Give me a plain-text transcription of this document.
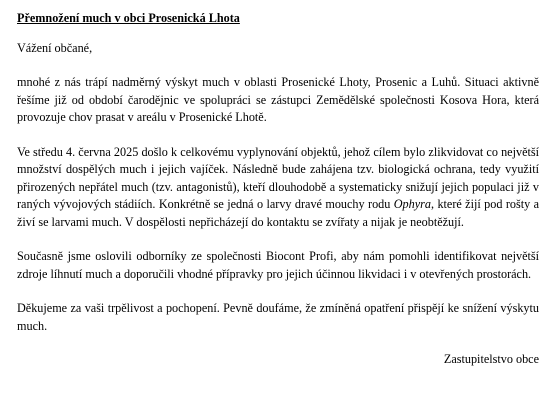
Přemnožení much v obci Prosenická Lhota

Vážení občané,

mnohé z nás trápí nadměrný výskyt much v oblasti Prosenické Lhoty, Prosenic a Luhů. Situaci aktivně řešíme již od období čarodějnic ve spolupráci se zástupci Zemědělské společnosti Kosova Hora, která provozuje chov prasat v areálu v Prosenické Lhotě.

Ve středu 4. června 2025 došlo k celkovému vyplynování objektů, jehož cílem bylo zlikvidovat co největší množství dospělých much i jejich vajíček. Následně bude zahájena tzv. biologická ochrana, tedy využití přirozených nepřátel much (tzv. antagonistů), kteří dlouhodobě a systematicky snižují jejich populaci již v raných vývojových stádiích. Konkrétně se jedná o larvy dravé mouchy rodu Ophyra, které žijí pod rošty a živí se larvami much. V dospělosti nepřicházejí do kontaktu se zvířaty a nijak je neobtěžují.

Současně jsme oslovili odborníky ze společnosti Biocont Profi, aby nám pomohli identifikovat největší zdroje líhnutí much a doporučili vhodné přípravky pro jejich účinnou likvidaci i v otevřených prostorách.

Děkujeme za vaši trpělivost a pochopení. Pevně doufáme, že zmíněná opatření přispějí ke snížení výskytu much.

Zastupitelstvo obce
